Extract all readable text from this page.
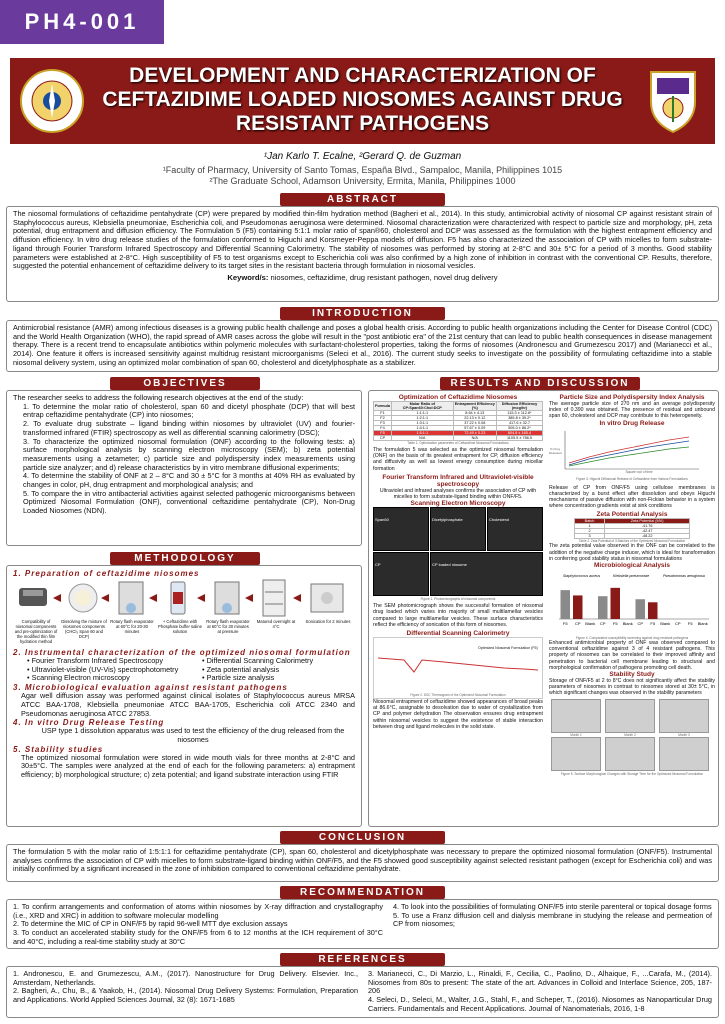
PH4-001
DEVELOPMENT AND CHARACTERIZATION OF CEFTAZIDIME LOADED NIOSOMES AGAINST DRUG RESISTANT PATHOGENS
¹Jan Karlo T. Ecalne, ²Gerard Q. de Guzman
¹Faculty of Pharmacy, University of Santo Tomas, España Blvd., Sampaloc, Manila, Philippines 1015
²The Graduate School, Adamson University, Ermita, Manila, Philippines 1000
ABSTRACT
The niosomal formulations of ceftazidime pentahydrate (CP) were prepared by modified thin-film hydration method (Bagheri et al., 2014). In this study, antimicrobial activity of niosomal CP against resistant strain of Staphylococcus aureus, Klebsiella pneumoniae, Escherichia coli, and Pseudomonas aeruginosa were determined. Niosomal characterization were characterized with respect to particle size and morphology, pH, zeta potential, drug entrapment and diffusion efficiency. The Formulation 5 (F5) containing 5:1:1 molar ratio of span®60, cholesterol and DCP was assessed as the formulation with the highest entrapment efficiency and diffusion efficiency. In vitro drug release studies of the formulation conformed to Higuchi and Korsmeyer-Peppa models of diffusion. F5 has also characterized the association of CP with micelles to form substrate-ligand through Fourier Transform Infrared Spectroscopy and Differential Scanning Calorimetry. The stability of niosomes was performed by storing at 2-8°C and 30± 5°C for a period of 3 months. Good stability parameters were established at 2-8°C. High susceptibility of F5 to test organisms except to Escherichia coli was also confirmed by a high zone of inhibition in contrast with the conventional CP. Results, therefore, suggested the potential enhancement of ceftazidime delivery to its target sites in the resistant bacteria through formulation in niosomal vesicles.
Keyword/s: niosomes, ceftazidime, drug resistant pathogen, novel drug delivery
INTRODUCTION
Antimicrobial resistance (AMR) among infectious diseases is a growing public health challenge and poses a global health crisis. According to public health organizations including the Center for Disease Control (CDC) and the World Health Organization (WHO), the rapid spread of AMR cases across the globe will result in the "post antibiotic era" of the 21st century that can lead to public health consequences in disease management therapy. There is a recent trend to encapsulate antibiotics within polymeric molecules with surfactant-cholesterol properties, taking the forms of niosomes (Andronescu and Grumezescu 2017) and (Marianecci et al., 2014). One feature it offers is increased sensitivity against multidrug resistant microorganisms (Seleci et al., 2016). The current study seeks to investigate on the possibility of formulating ceftazidime into a stable niosomal delivery system, using an optimized molar combination of span 60, cholesterol and dicetylphosphate as a stabilizer.
OBJECTIVES
The researcher seeks to address the following research objectives at the end of the study:
1. To determine the molar ratio of cholesterol, span 60 and dicetyl phosphate (DCP) that will best entrap ceftazidime pentahydrate (CP) into niosomes;
2. To evaluate drug substrate – ligand binding within niosomes by ultraviolet (UV) and fourier-transformed infrared (FTIR) spectroscopy as well as differential scanning calorimetry (DSC);
3. To characterize the optimized niosomal formulation (ONF) according to the following tests: a) surface morphological analysis by scanning electron microscopy (SEM); b) zeta potential measurements using a zetameter; c) particle size and polydispersity index measurements using particle size analyzer; and d) release characteristics by in vitro membrane diffusional experiments;
4. To determine the stability of ONF at 2 – 8°C and 30 ± 5°C for 3 months at 40% RH as evaluated by changes in color, pH, drug entrapment and morphological analysis; and
5. To compare the in vitro antibacterial activities against selected pathogenic microorganisms between Optimized Niosomal Formulation (ONF), conventional ceftazidime pentahydrate (CP), Non-Drug Loaded Niosomes (NDN).
METHODOLOGY
1. Preparation of ceftazidime niosomes
Compatibility of niosomal components and pre-optimization of the modified thin film hydration method
Dissolving the mixture of niosomes components (CHCl₃ Span 60 and DCP)
Rotary flash evaporator at 60°C for 20-30 minutes
+ Ceftazidime with Phosphate buffer saline solution
Rotary flash evaporator at 60°C for 30 minutes at pressure
Matured overnight at 4°C
Sonication for 2 minutes
2. Instrumental characterization of the optimized niosomal formulation
• Fourier Transform Infrared Spectroscopy
• Ultraviolet-visible (UV-Vis) spectrophotometry
• Scanning Electron microscopy
• Differential Scanning Calorimetry
• Zeta potential analysis
• Particle size analysis
3. Microbiological evaluation against resistant pathogens
Agar well diffusion assay was performed against clinical isolates of Staphylococcus aureus MRSA ATCC BAA-1708, Klebsiella pneumoniae ATCC BAA-1705, Escherichia coli ATCC 2340 and Pseudomonas aeruginosa ATCC 27853.
4. In vitro Drug Release Testing
USP type 1 dissolution apparatus was used to test the efficiency of the drug released from the niosomes
5. Stability studies
The optimized niosomal formulation were stored in wide mouth vials for three months at 2-8°C and 30±5°C. The samples were analyzed at the end of each for the following parameters: a) entrapment efficiency; b) morphological structure; c) zeta potential; and ligand substrate interaction using FTIR
RESULTS AND DISCUSSION
Optimization of Ceftazidime Niosomes
Formula	Molar Ratio of CP:Span60:Chol:DCP	Entrapment Efficiency (%)	Diffusion Efficiency (mcg/hr)
F1	1:1:1:1	8.64 ± 4.13	115.3 ± 112.6*
F2	1:2:1:1	22.13 ± 0.12	385.8 ± 39.2*
F3	1:3:1:1	37.22 ± 0.08	417.6 ± 32.7
F4	1:4:1:1	57.67 ± 0.09	505.0 ± 86.2*
F5	1:5:1:1	72.49 ± 0.23	604.8 ± 165.4
CP	N/A	N/A	1105.5 ± 786.5
Table 1. Optimization parameters of Ceftazidime Niosomal Formulations
The formulation 5 was selected as the optimized niosomal formulation (ONF) on the basis of its greatest entrapment for CP, diffusion efficiency and diffusivity as well as lowest energy consumption during micellar formation
Fourier Transform Infrared and Ultraviolet-visible spectroscopy
Ultraviolet and infrared analyses confirms the association of CP with micelles to form substrate-ligand binding within ONF/F5.
Scanning Electron Microscopy
Span60	Dicetylphosphate	Cholesterol
CP	CP loaded niosome
Figure 1. Photomicrographs of niosomal components
The SEM photomicrograph shows the successful formation of niosomal drug loaded which varies into majority of small multilamellar vesicles compared to large multilamellar vesicles. These surface characteristics reflect the efficiency of sonication of this form of niosomes.
Differential Scanning Calorimetry
Optimized Niosomal Formulation (F5)
Figure 2. DSC Thermogram of the Optimized Niosomal Formulation
Niosomal entrapment of ceftazidime showed appearances of broad peaks at 86.6°C, assignable to desolvation due to water of crystallization from CP and polymer dehydration The observation ensures drug entrapment within niosomal vesicles to suggest the existence of stable interaction between drug and ligand molecules in the solid state.
Particle Size and Polydispersity Index Analysis
The average particle size of 270 nm and an average polydispersity index of 0.390 was obtained. The presence of residual and unbound span 60, cholesterol and DCP may contribute to this heterogeneity.
In vitro Drug Release
% Drug Released
Square root of time
Figure 3. Higuchi Diffusional Release of Ceftazidime from Various Formulations
Release of CP from ONF/F5 using cellulose membranes is characterized by a burst effect after dissolution and obeys Higuchi mechanisms of passive diffusion with non-Fickian behavior in a system where concentration gradients exist at sink conditions
Zeta Potential Analysis
Batch	Zeta Potential (MV)
1	-41.76
2	-42.47
3	-48.22
Table 2. Zeta Potential of 3 Batches of the Optimized Niosomal Formulation
The zeta potential value observed in the ONF can be correlated to the addition of the negative charge inducer, which is ideal for transformation in conferring good stability status in niosomal formulations
Microbiological Analysis
F5 CP Blank CP F5 Blank CP F5 Blank CP F5 Blank
Staphylococcus aureus	Klebsiella pneumoniae	Pseudomonas aeruginosa
Figure 4. Comparative susceptibility screening against drug resistant pathogens
Enhanced antimicrobial property of ONF was observed compared to conventional ceftazidime against 3 of 4 resistant pathogens. This property of niosomes can be correlated to their improved affinity and penetration to bacterial cell membrane leading to structural and morphological confirmation of pathogens promoting cell death.
Stability Study
Storage of ONF/F5 at 2 to 8°C does not significantly affect the stability parameters of niosomes in contrast to niosomes stored at 30± 5°C, in which significant changes was observed in the stability parameters
Month 1	Month 2	Month 3
Figure 5. Surface Morphological Changes with Storage Time for the Optimized Niosomal Formulation
CONCLUSION
The formulation 5 with the molar ratio of 1:5:1:1 for ceftazidime pentahydrate (CP), span 60, cholesterol and dicetylphosphate was necessary to prepare the optimized niosomal formulation (ONF/F5). Instrumental analyses confirms the association of CP with micelles to form substrate-ligand binding within ONF/F5, and the F5 showed good susceptibility against selected resistant pathogen (except for Escherichia coli) and was initially confirmed by a significant increased in the zone of inhibition compared to conventional ceftazidime pentahydrate.
RECOMMENDATION
1. To confirm arrangements and conformation of atoms within niosomes by X-ray diffraction and crystallography (i.e., XRD and XRC) in addition to software molecular modelling
2. To determine the MIC of CP in ONF/F5 by rapid 96-well MTT dye exclusion assays
3. To conduct an accelerated stability study for the ONF/F5 from 6 to 12 months at the ICH requirement of 30°C and 40°C, including a real-time stability study at 30°C
4. To look into the possibilities of formulating ONF/F5 into sterile parenteral or topical dosage forms
5. To use a Franz diffusion cell and dialysis membrane in studying the release and permeation of CP from niosomes;
REFERENCES
1. Andronescu, E. and Grumezescu, A.M., (2017). Nanostructure for Drug Delivery. Elsevier. Inc., Amsterdam, Netherlands.
2. Bagheri, A., Chu, B., & Yaakob, H., (2014). Niosomal Drug Delivery Systems: Formulation, Preparation and Applications. World Applied Sciences Journal, 32 (8): 1671-1685
3. Marianecci, C., Di Marzio, L., Rinaldi, F., Cecilia, C., Paolino, D., Alhaique, F., ...Carafa, M., (2014). Niosomes from 80s to present: The state of the art. Advances in Colloid and Interface Science, 205, 187-206
4. Seleci, D., Seleci, M., Walter, J.G., Stahl, F., and Scheper, T., (2016). Niosomes as Nanoparticular Drug Carriers. Fundamentals and Recent Applications. Journal of Nanomaterials, 2016, 1-8
